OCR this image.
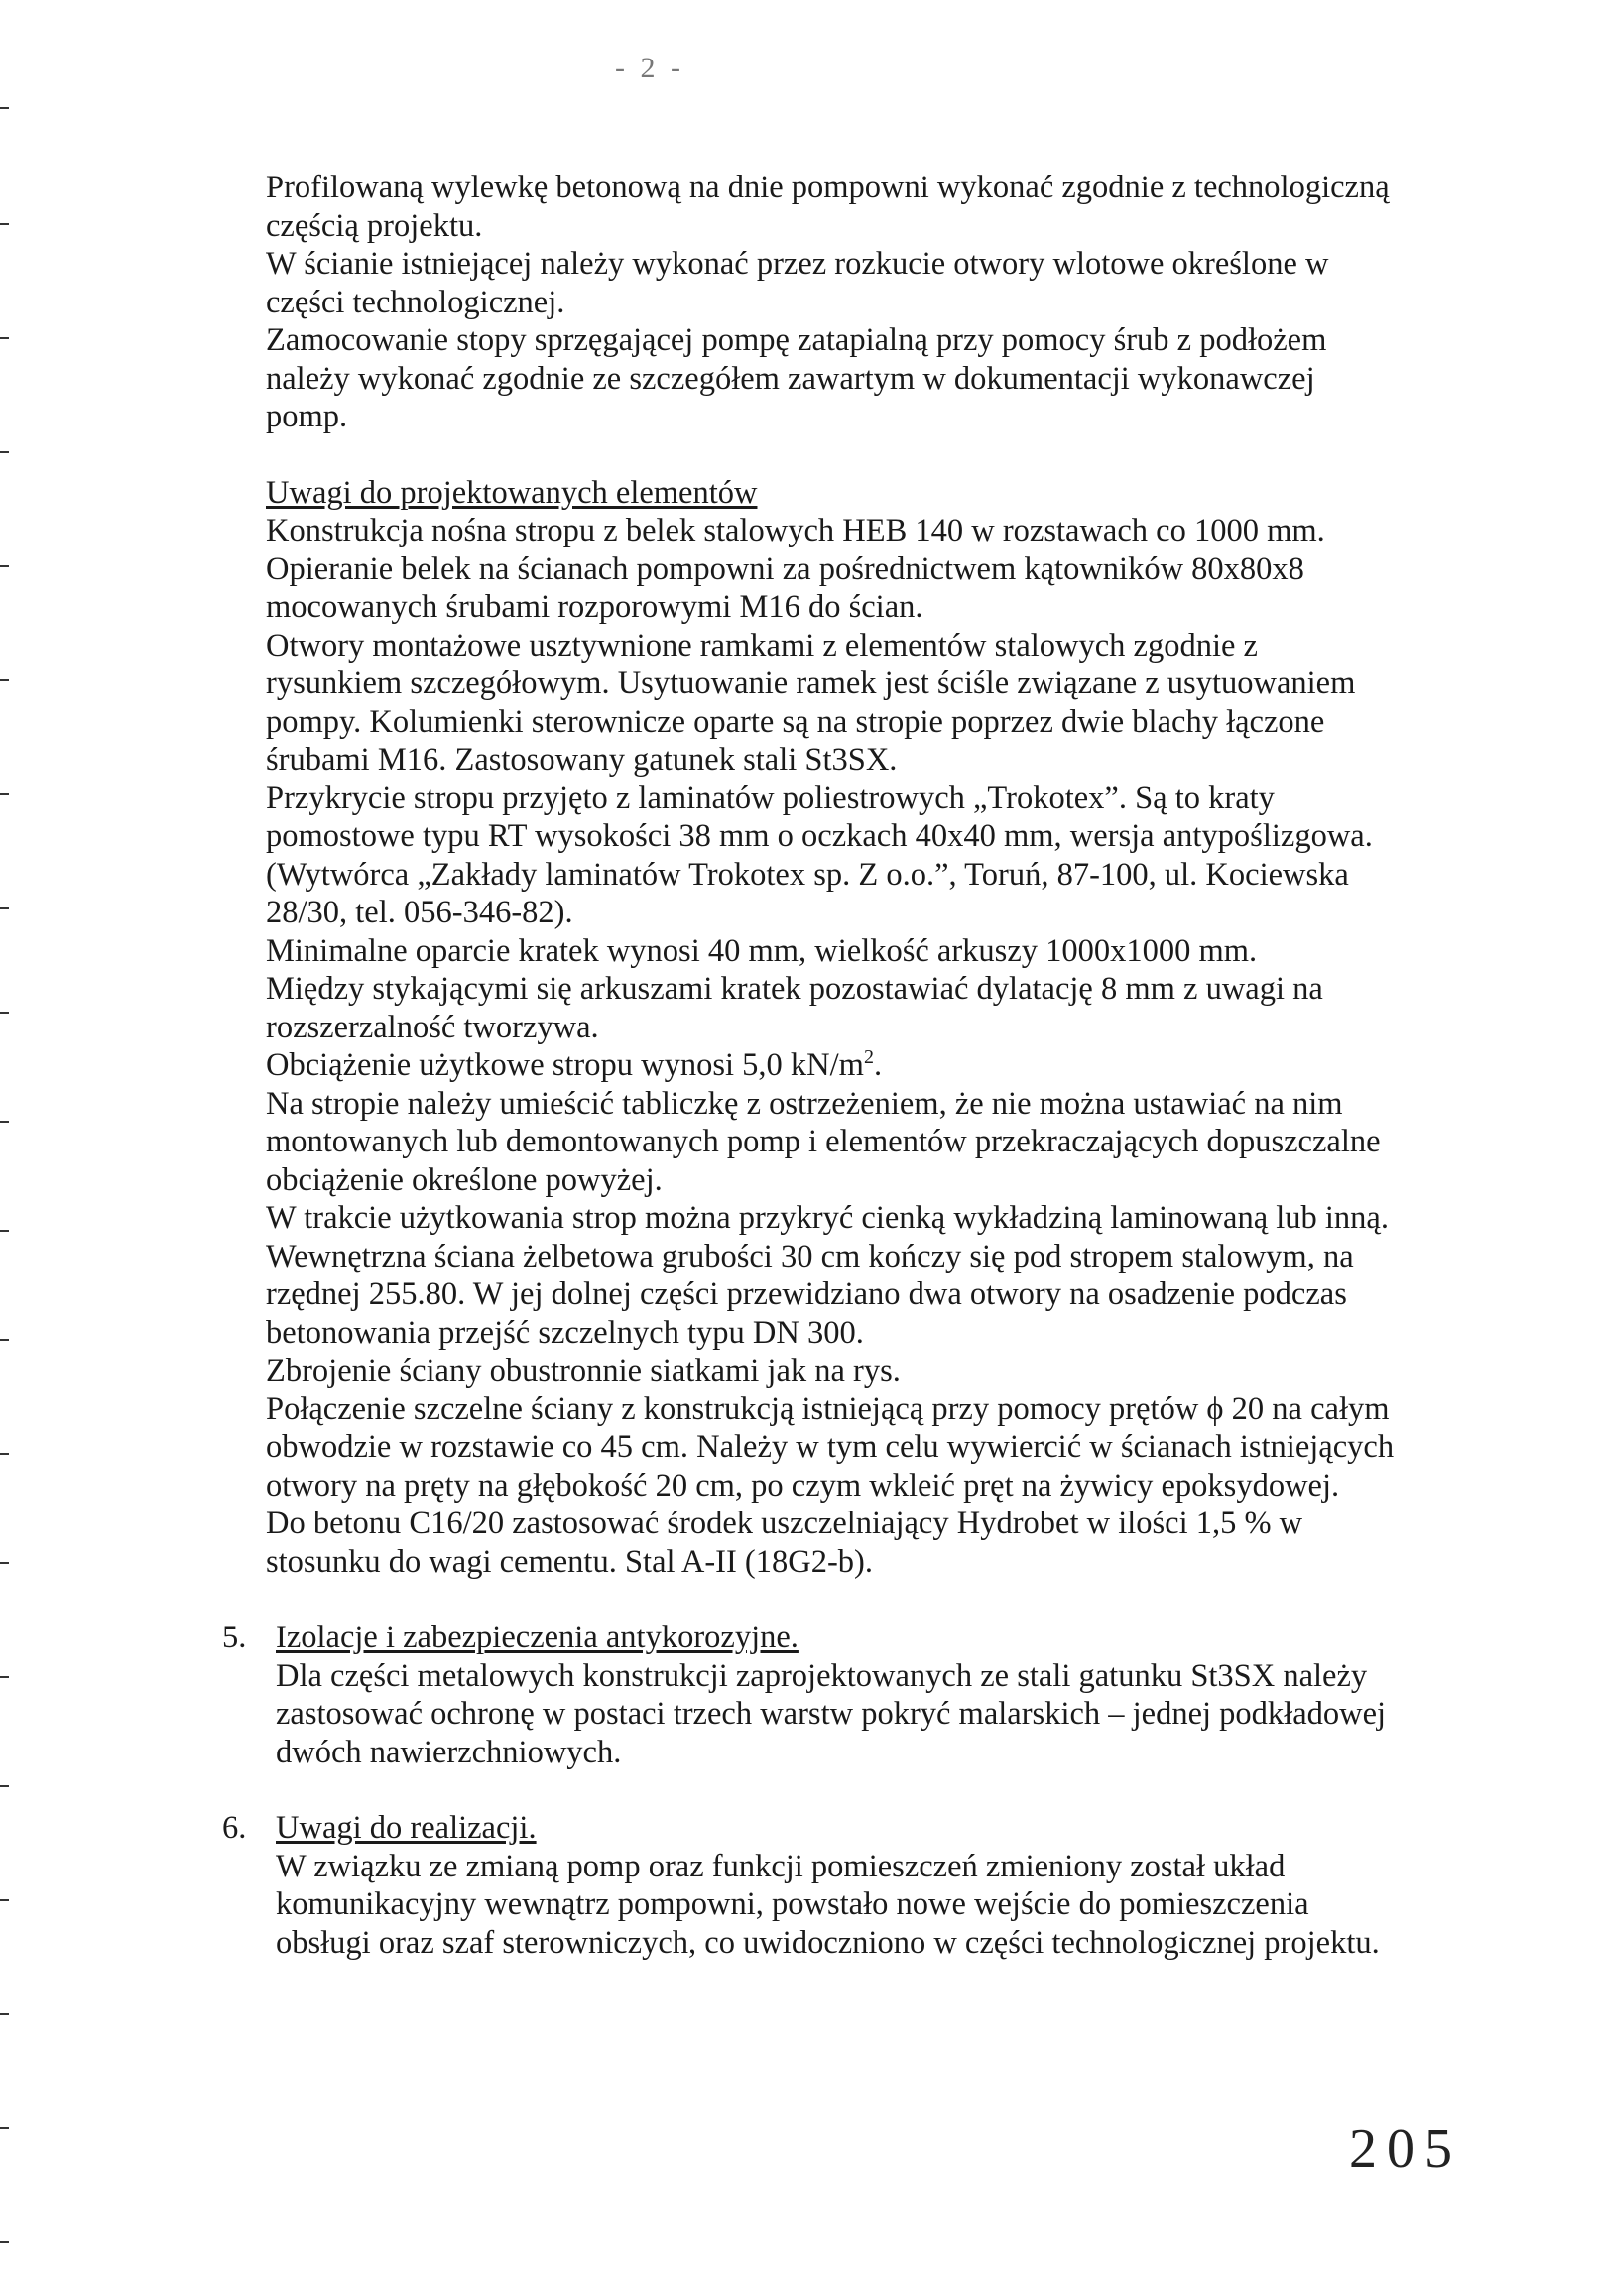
- 2 -

Profilowaną wylewkę betonową na dnie pompowni wykonać zgodnie z technologiczną częścią projektu.

W ścianie istniejącej należy wykonać przez rozkucie otwory wlotowe określone w części technologicznej.

Zamocowanie stopy sprzęgającej pompę zatapialną przy pomocy śrub z podłożem należy wykonać zgodnie ze szczegółem zawartym w dokumentacji wykonawczej pomp.

Uwagi do projektowanych elementów

Konstrukcja nośna stropu z belek stalowych HEB 140 w rozstawach co 1000 mm. Opieranie belek na ścianach pompowni za pośrednictwem kątowników 80x80x8 mocowanych śrubami rozporowymi M16 do ścian.

Otwory montażowe usztywnione ramkami z elementów stalowych zgodnie z rysunkiem szczegółowym. Usytuowanie ramek jest ściśle związane z usytuowaniem pompy. Kolumienki sterownicze oparte są na stropie poprzez dwie blachy łączone śrubami M16. Zastosowany gatunek stali St3SX.

Przykrycie stropu przyjęto z laminatów poliestrowych „Trokotex”. Są to kraty pomostowe typu RT wysokości 38 mm o oczkach 40x40 mm, wersja antypoślizgowa. (Wytwórca „Zakłady laminatów Trokotex sp. Z o.o.”, Toruń, 87-100, ul. Kociewska 28/30, tel. 056-346-82).

Minimalne oparcie kratek wynosi 40 mm, wielkość arkuszy 1000x1000 mm.

Między stykającymi się arkuszami kratek pozostawiać dylatację 8 mm z uwagi na rozszerzalność tworzywa.

Obciążenie użytkowe stropu wynosi 5,0 $kN/m^2$.

Na stropie należy umieścić tabliczkę z ostrzeżeniem, że nie można ustawiać na nim montowanych lub demontowanych pomp i elementów przekraczających dopuszczalne obciążenie określone powyżej.

W trakcie użytkowania strop można przykryć cienką wykładziną laminowaną lub inną.

Wewnętrzna ściana żelbetowa grubości 30 cm kończy się pod stropem stalowym, na rzędnej 255.80. W jej dolnej części przewidziano dwa otwory na osadzenie podczas betonowania przejść szczelnych typu DN 300.

Zbrojenie ściany obustronnie siatkami jak na rys.

Połączenie szczelne ściany z konstrukcją istniejącą przy pomocy prętów ϕ 20 na całym obwodzie w rozstawie co 45 cm. Należy w tym celu wywiercić w ścianach istniejących otwory na pręty na głębokość 20 cm, po czym wkleić pręt na żywicy epoksydowej.

Do betonu C16/20 zastosować środek uszczelniający Hydrobet w ilości 1,5 % w stosunku do wagi cementu. Stal A-II (18G2-b).

5. Izolacje i zabezpieczenia antykorozyjne.

Dla części metalowych konstrukcji zaprojektowanych ze stali gatunku St3SX należy zastosować ochronę w postaci trzech warstw pokryć malarskich – jednej podkładowej dwóch nawierzchniowych.

6. Uwagi do realizacji.

W związku ze zmianą pomp oraz funkcji pomieszczeń zmieniony został układ komunikacyjny wewnątrz pompowni, powstało nowe wejście do pomieszczenia obsługi oraz szaf sterowniczych, co uwidoczniono w części technologicznej projektu.

205
